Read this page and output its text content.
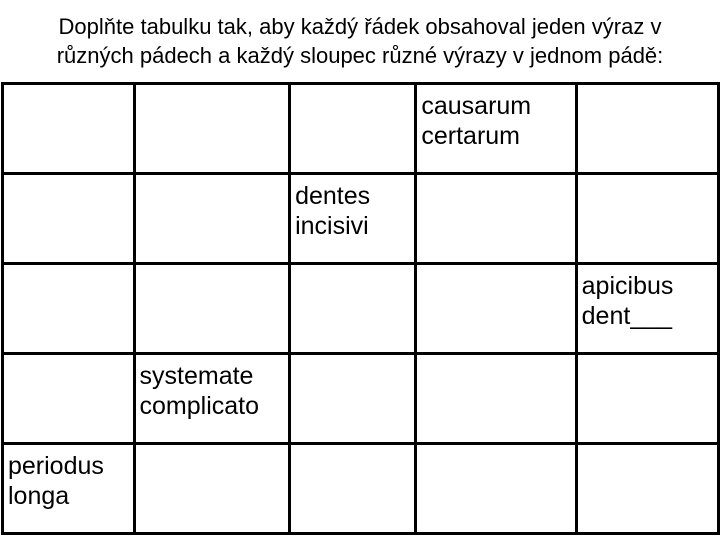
Doplňte tabulku tak, aby každý řádek obsahoval jeden výraz v
různých pádech a každý sloupec různé výrazy v jednom pádě:

			causarum
certarum	

		dentes
incisivi		

				apicibus
dent___

	systemate
complicato			

periodus
longa				
